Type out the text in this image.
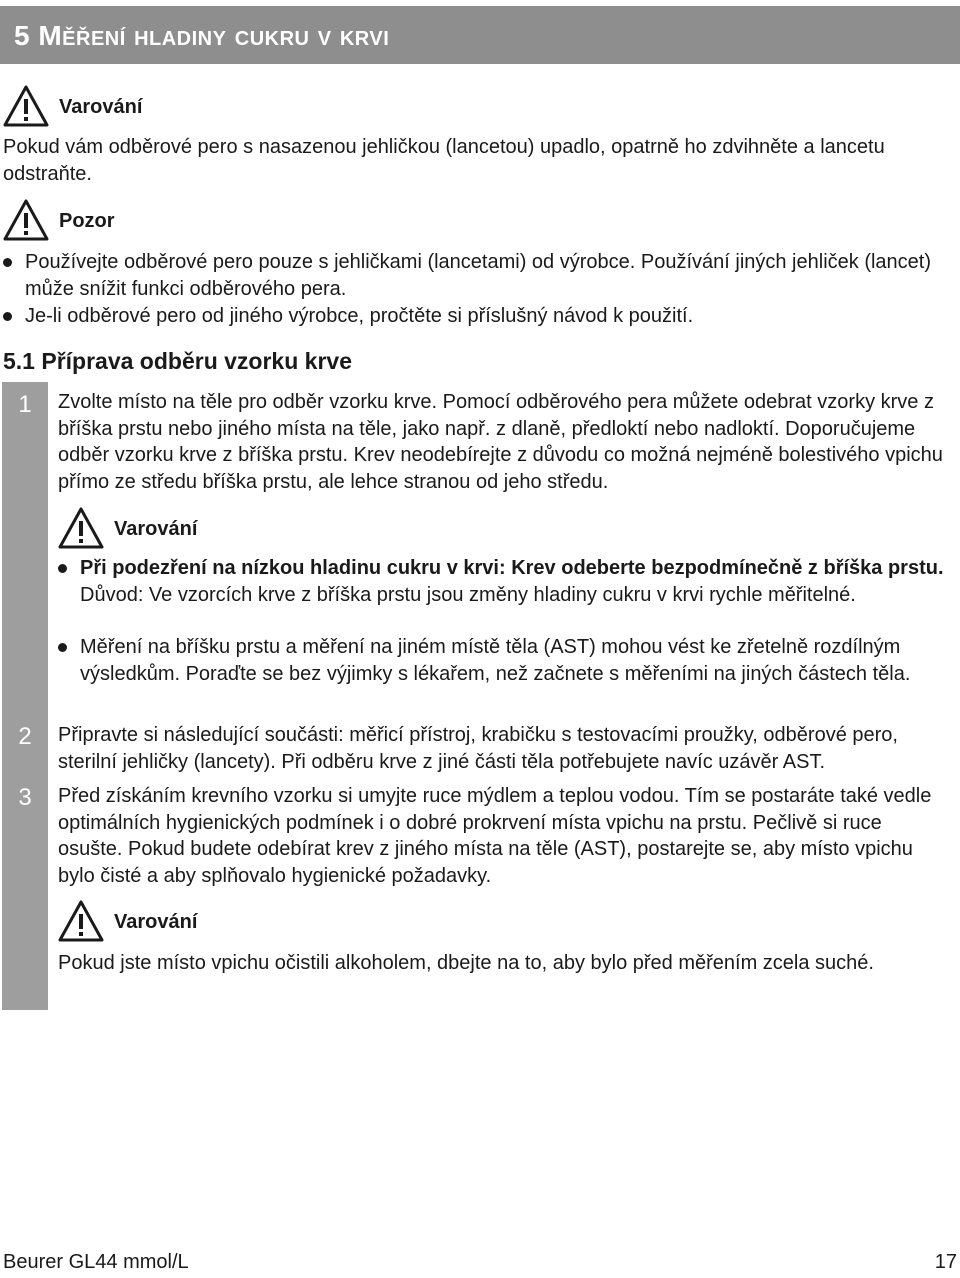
5 Měření hladiny cukru v krvi
Varování

Pokud vám odběrové pero s nasazenou jehličkou (lancetou) upadlo, opatrně ho zdvihněte a lancetu odstraňte.

Pozor
Používejte odběrové pero pouze s jehličkami (lancetami) od výrobce. Používání jiných jehliček (lancet) může snížit funkci odběrového pera.
Je-li odběrové pero od jiného výrobce, pročtěte si příslušný návod k použití.
5.1 Příprava odběru vzorku krve
1
2
3

Zvolte místo na těle pro odběr vzorku krve. Pomocí odběrového pera můžete odebrat vzorky krve z bříška prstu nebo jiného místa na těle, jako např. z dlaně, předloktí nebo nadloktí. Doporučujeme odběr vzorku krve z bříška prstu. Krev neodebírejte z důvodu co možná nejméně bolestivého vpichu přímo ze středu bříška prstu, ale lehce stranou od jeho středu.

Varování
Při podezření na nízkou hladinu cukru v krvi: Krev odeberte bezpodmínečně z bříška prstu.
Důvod: Ve vzorcích krve z bříška prstu jsou změny hladiny cukru v krvi rychle měřitelné.
Měření na bříšku prstu a měření na jiném místě těla (AST) mohou vést ke zřetelně rozdílným výsledkům. Poraďte se bez výjimky s lékařem, než začnete s měřeními na jiných částech těla.

Připravte si následující součásti: měřicí přístroj, krabičku s testovacími proužky, odběrové pero, sterilní jehličky (lancety). Při odběru krve z jiné části těla potřebujete navíc uzávěr AST.

Před získáním krevního vzorku si umyjte ruce mýdlem a teplou vodou. Tím se postaráte také vedle optimálních hygienických podmínek i o dobré prokrvení místa vpichu na prstu. Pečlivě si ruce osušte. Pokud budete odebírat krev z jiného místa na těle (AST), postarejte se, aby místo vpichu bylo čisté a aby splňovalo hygienické požadavky.

Varování

Pokud jste místo vpichu očistili alkoholem, dbejte na to, aby bylo před měřením zcela suché.

Beurer GL44 mmol/L	17
